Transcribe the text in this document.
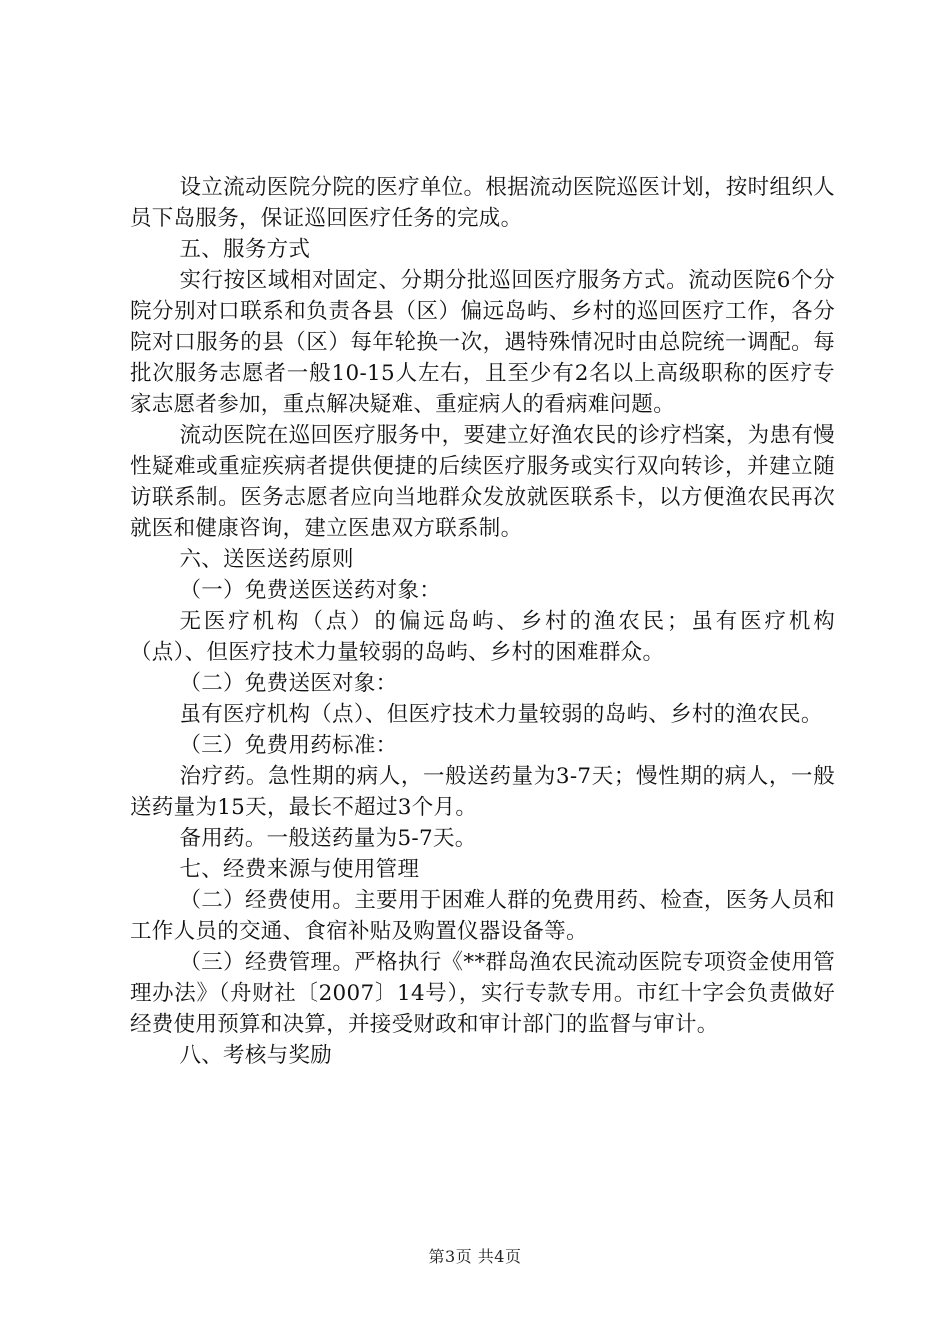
设立流动医院分院的医疗单位。根据流动医院巡医计划，按时组织人员下岛服务，保证巡回医疗任务的完成。

五、服务方式

实行按区域相对固定、分期分批巡回医疗服务方式。流动医院6个分院分别对口联系和负责各县（区）偏远岛屿、乡村的巡回医疗工作，各分院对口服务的县（区）每年轮换一次，遇特殊情况时由总院统一调配。每批次服务志愿者一般10-15人左右，且至少有2名以上高级职称的医疗专家志愿者参加，重点解决疑难、重症病人的看病难问题。

流动医院在巡回医疗服务中，要建立好渔农民的诊疗档案，为患有慢性疑难或重症疾病者提供便捷的后续医疗服务或实行双向转诊，并建立随访联系制。医务志愿者应向当地群众发放就医联系卡，以方便渔农民再次就医和健康咨询，建立医患双方联系制。

六、送医送药原则

（一）免费送医送药对象：

无医疗机构（点）的偏远岛屿、乡村的渔农民；虽有医疗机构（点）、但医疗技术力量较弱的岛屿、乡村的困难群众。

（二）免费送医对象：

虽有医疗机构（点）、但医疗技术力量较弱的岛屿、乡村的渔农民。

（三）免费用药标准：

治疗药。急性期的病人，一般送药量为3-7天；慢性期的病人，一般送药量为15天，最长不超过3个月。

备用药。一般送药量为5-7天。

七、经费来源与使用管理

（二）经费使用。主要用于困难人群的免费用药、检查，医务人员和工作人员的交通、食宿补贴及购置仪器设备等。

（三）经费管理。严格执行《**群岛渔农民流动医院专项资金使用管理办法》（舟财社〔2007〕14号），实行专款专用。市红十字会负责做好经费使用预算和决算，并接受财政和审计部门的监督与审计。

八、考核与奖励

第3页 共4页
